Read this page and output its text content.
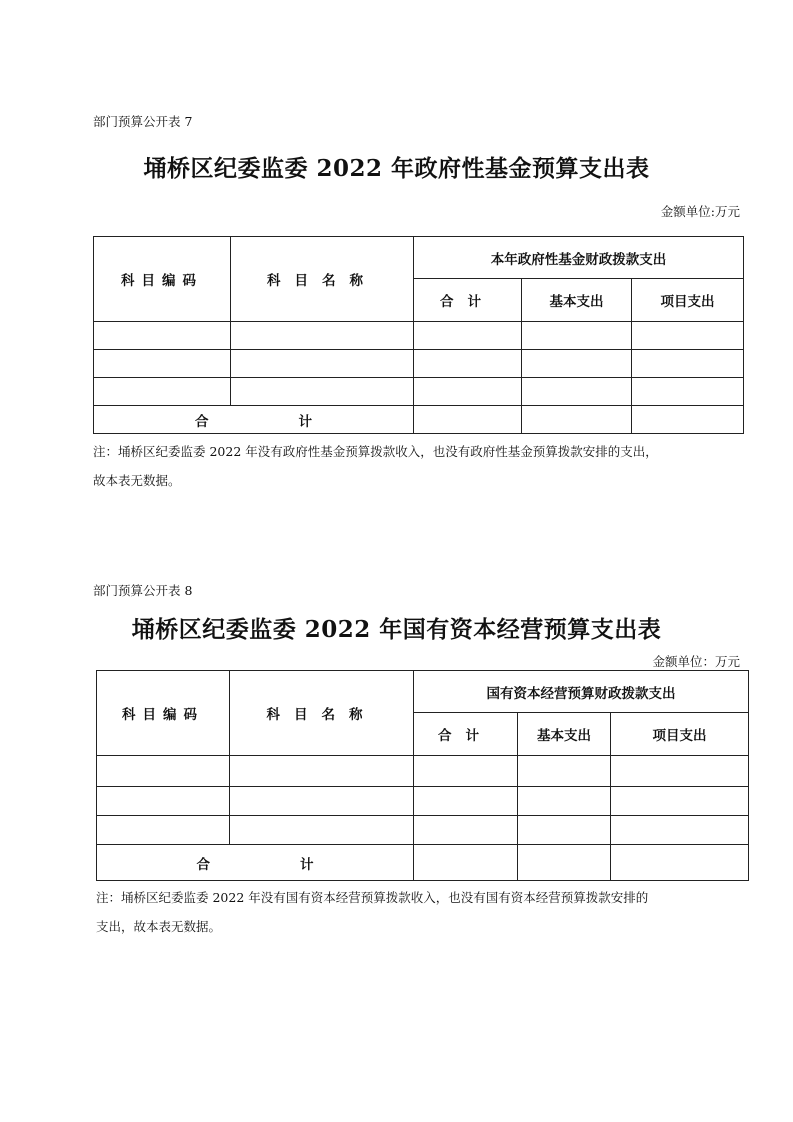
部门预算公开表 7
埇桥区纪委监委 2022 年政府性基金预算支出表
金额单位:万元
科目编码	科目名称	本年政府性基金财政拨款支出		
		合计	基本支出	项目支出

合 计				
注：埇桥区纪委监委 2022 年没有政府性基金预算拨款收入，也没有政府性基金预算拨款安排的支出，
故本表无数据。
部门预算公开表 8
埇桥区纪委监委 2022 年国有资本经营预算支出表
金额单位：万元
科目编码	科目名称	国有资本经营预算财政拨款支出		
		合计	基本支出	项目支出

合 计				
注：埇桥区纪委监委 2022 年没有国有资本经营预算拨款收入，也没有国有资本经营预算拨款安排的
支出，故本表无数据。
